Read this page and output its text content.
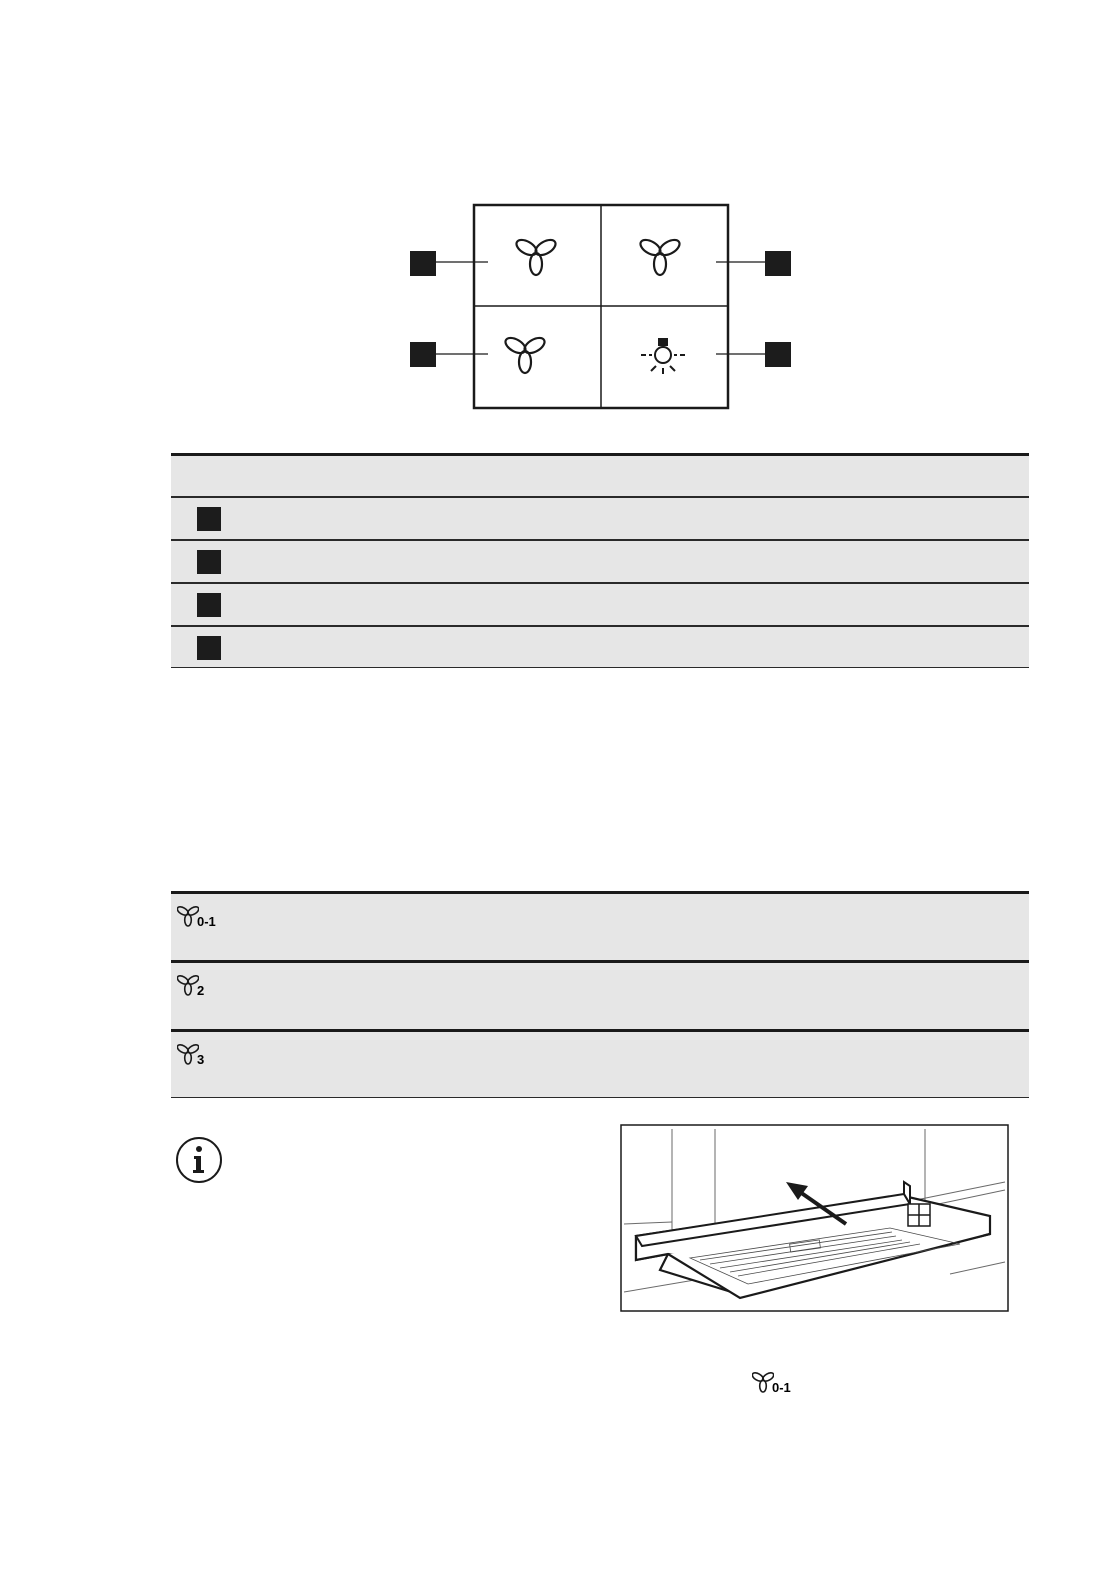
0-1
2
3
0-1
